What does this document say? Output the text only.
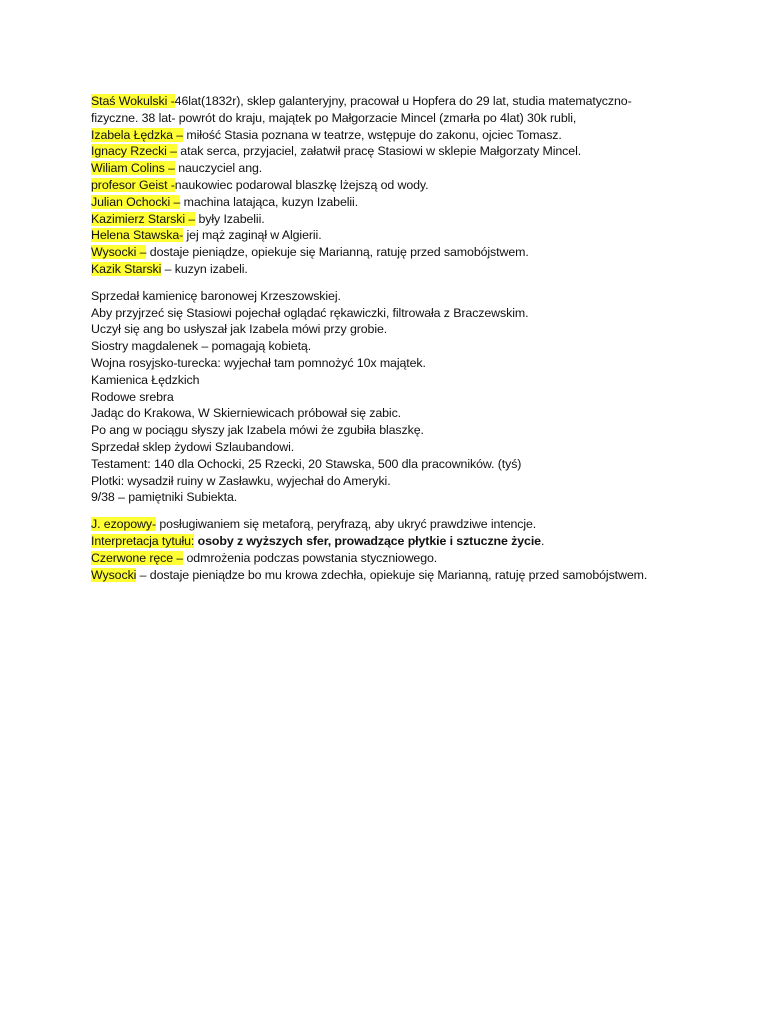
Staś Wokulski -46lat(1832r), sklep galanteryjny, pracował u Hopfera do 29 lat, studia matematyczno-
fizyczne. 38 lat- powrót do kraju, majątek po Małgorzacie Mincel (zmarła po 4lat) 30k rubli,
Izabela Łędzka – miłość Stasia poznana w teatrze, wstępuje do zakonu, ojciec Tomasz.
Ignacy Rzecki – atak serca, przyjaciel, załatwił pracę Stasiowi w sklepie Małgorzaty Mincel.
Wiliam Colins – nauczyciel ang.
profesor Geist -naukowiec podarowal blaszkę lżejszą od wody.
Julian Ochocki – machina latająca, kuzyn Izabelii.
Kazimierz Starski – były Izabelii.
Helena Stawska- jej mąż zaginął w Algierii.
Wysocki – dostaje pieniądze, opiekuje się Marianną, ratuję przed samobójstwem.
Kazik Starski – kuzyn izabeli.
Sprzedał kamienicę baronowej Krzeszowskiej.
Aby przyjrzeć się Stasiowi pojechał oglądać rękawiczki, filtrowała z Braczewskim.
Uczył się ang bo usłyszał jak Izabela mówi przy grobie.
Siostry magdalenek – pomagają kobietą.
Wojna rosyjsko-turecka: wyjechał tam pomnożyć 10x majątek.
Kamienica Łędzkich
Rodowe srebra
Jadąc do Krakowa, W Skierniewicach próbował się zabic.
Po ang w pociągu słyszy jak Izabela mówi że zgubiła blaszkę.
Sprzedał sklep żydowi Szlaubandowi.
Testament: 140 dla Ochocki, 25 Rzecki, 20 Stawska, 500 dla pracowników. (tyś)
Plotki: wysadził ruiny w Zasławku, wyjechał do Ameryki.
9/38 – pamiętniki Subiekta.
J. ezopowy- posługiwaniem się metaforą, peryfrazą, aby ukryć prawdziwe intencje.
Interpretacja tytułu: osoby z wyższych sfer, prowadzące płytkie i sztuczne życie.
Czerwone ręce – odmrożenia podczas powstania styczniowego.
Wysocki – dostaje pieniądze bo mu krowa zdechła, opiekuje się Marianną, ratuję przed samobójstwem.
